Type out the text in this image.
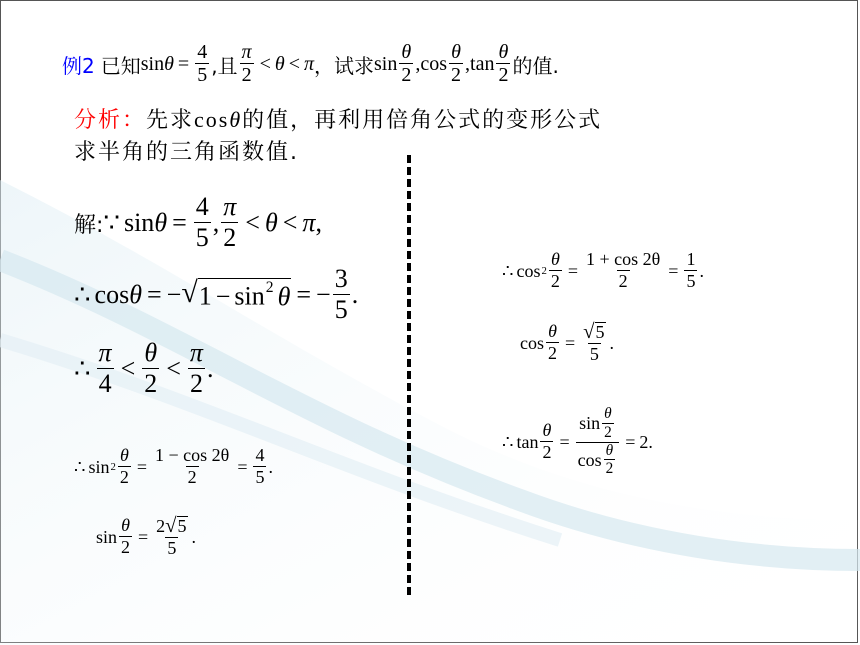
例2 已知 $\sin \theta = \frac{4}{5}$ ,且 $\frac{\pi}{2} < \theta < \pi$ ，试求 $\sin \frac{\theta}{2}$ , $\cos \frac{\theta}{2}$ , $\tan \frac{\theta}{2}$ 的值.
分析：先求cosθ的值，再利用倍角公式的变形公式
求半角的三角函数值.
解: ∵ $\sin \theta = \frac{4}{5}$ , $\frac{\pi}{2} < \theta < \pi$ ,
∴ cos θ = − √ $1 - \sin^2 \theta$ = − $\frac{3}{5}$ .
∴ $\frac{\pi}{4} < \frac{\theta}{2} < \frac{\pi}{2}$ .
∴ $\sin 2 \frac{\theta}{2} = \frac{1 - \cos 2\theta}{2} = \frac{4}{5}$ .
$\sin \frac{\theta}{2} = \frac{2 √ 5}{5}$ .
∴ $\cos 2 \frac{\theta}{2} = \frac{1 + \cos 2\theta}{2} = \frac{1}{5}$ .
$\cos \frac{\theta}{2} = \frac{√ 5}{5}$ .
∴ $\tan \frac{\theta}{2} = \frac{\sin \frac{\theta}{2}}{\cos \frac{\theta}{2}} = 2$.
